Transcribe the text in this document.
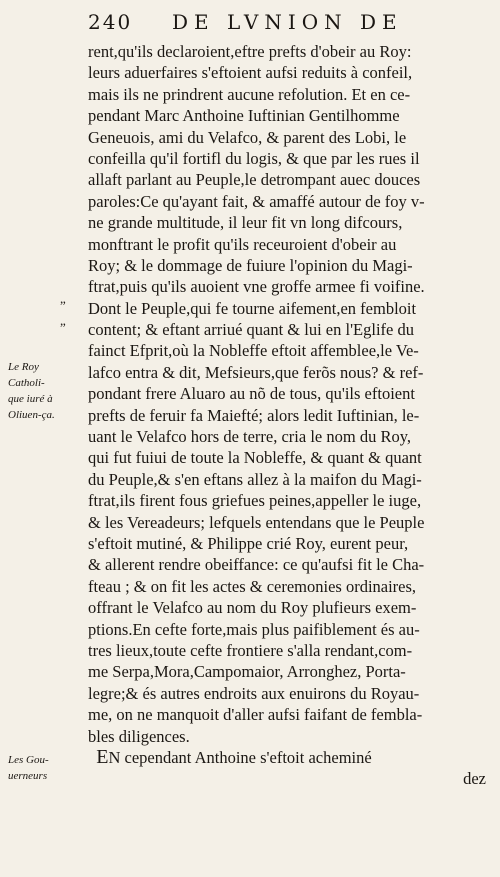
240 DE LVNION DE
”
”
Le Roy Catholi-que iuré à Oliuen-ça.
Les Gou-uerneurs
rent,qu'ils declaroient,eftre prefts d'obeir au Roy:
leurs aduerfaires s'eftoient aufsi reduits à confeil,
mais ils ne prindrent aucune refolution. Et en ce-
pendant Marc Anthoine Iuftinian Gentilhomme
Geneuois, ami du Velafco, & parent des Lobi, le
confeilla qu'il fortifl du logis, & que par les rues il
allaft parlant au Peuple,le detrompant auec douces
paroles:Ce qu'ayant fait, & amaffé autour de foy v-
ne grande multitude, il leur fit vn long difcours,
monftrant le profit qu'ils receuroient d'obeir au
Roy; & le dommage de fuiure l'opinion du Magi-
ftrat,puis qu'ils auoient vne groffe armee fi voifine.
Dont le Peuple,qui fe tourne aifement,en fembloit
content; & eftant arriué quant & lui en l'Eglife du
fainct Efprit,où la Nobleffe eftoit affemblee,le Ve-
lafco entra & dit, Mefsieurs,que ferõs nous? & ref-
pondant frere Aluaro au nõ de tous, qu'ils eftoient
prefts de feruir fa Maiefté; alors ledit Iuftinian, le-
uant le Velafco hors de terre, cria le nom du Roy,
qui fut fuiui de toute la Nobleffe, & quant & quant
du Peuple,& s'en eftans allez à la maifon du Magi-
ftrat,ils firent fous griefues peines,appeller le iuge,
& les Vereadeurs; lefquels entendans que le Peuple
s'eftoit mutiné, & Philippe crié Roy, eurent peur,
& allerent rendre obeiffance: ce qu'aufsi fit le Cha-
fteau ; & on fit les actes & ceremonies ordinaires,
offrant le Velafco au nom du Roy plufieurs exem-
ptions.En cefte forte,mais plus paifiblement és au-
tres lieux,toute cefte frontiere s'alla rendant,com-
me Serpa,Mora,Campomaior, Arronghez, Porta-
legre;& és autres endroits aux enuirons du Royau-
me, on ne manquoit d'aller aufsi faifant de fembla-
bles diligences.
EN cependant Anthoine s'eftoit acheminé
dez
